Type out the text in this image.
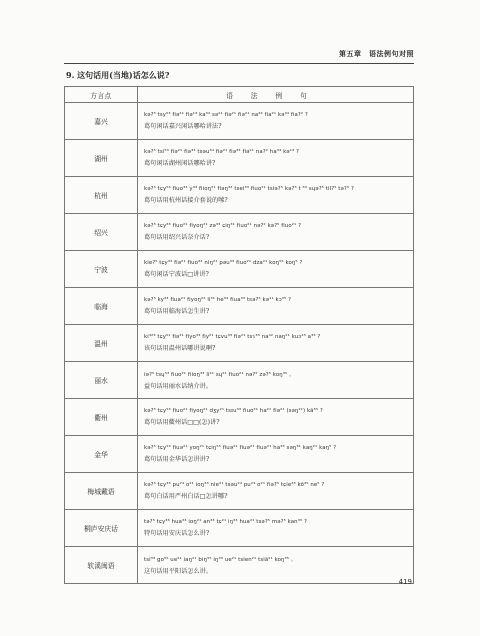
第五章　语法例句对照
9. 这句话用(当地)话怎么说?
方言点	语法例句
嘉兴	kə?⁵ tsy⁵³ fiə²¹ fiə¹³ ka³⁴ sə²¹ fiə²¹ fiə²¹ na³⁴ fia²¹ kə³⁴ fia?² ?
葛句闲话嘉兴闲话哪哈讲法?

湖州	kə?⁵ tsi⁵³ fiə²¹ fiə³⁴ tsəu³⁴ fiə²¹ fiə³⁴ fiə²¹ na?² ha³⁴ kə¹³ ?
葛句闲话湖州闲话哪哈讲?

杭州	kə?⁵ tɕy⁵³ fiuo³⁴ y³³ fiioŋ²¹ fiəŋ³³ tsei³³ fiuo²¹ tsiə?⁵ kə?⁵ t ³³ sɥə?⁵ tiI?⁵ tə?⁵ ?
葛句话用杭州话接介套说的嗦?

绍兴	kə?⁵ tɕy³³ fiuo²¹ fiyoŋ²¹ zə³³ ɕiŋ³¹ fiuo²¹ nə?² kə?⁵ fiuo²¹ ?
葛句话用绍兴话奈介话?

宁波	kie?⁵ tɕy³³ fiə²¹ fiuo³³ niŋ²¹ pəu³³ fiuo²¹ dza²¹ koŋ⁵⁵ koŋ⁵ ?
葛句闲话宁波话□讲讲?

临海	kə?⁵ ky³³ fiua²¹ fiyoŋ²² li³¹ he³⁴ fiua³³ tsə?⁵ kə¹¹ kɔ³⁵ ?
葛句话用临海话怎生讲?

温州	ki⁴²³ tɕy⁵¹ fiə²¹ fiyo³³ fiy²¹ tɕvu³³ fiə²¹ tsɿ³³ na⁴² naŋ²¹ kuɔ⁴⁵ a³³ ?
该句话用温州话哪讲说啊?

丽水	iə?⁵ tsɥ⁵³ fiuo²¹ fiioŋ³³ li²¹ sɥ²¹ fiuo²¹ nə?² zə?⁵ koŋ³⁵ 。
益句话用丽水话纳介讲。

衢州	kə?⁵ tɕy⁵³ fiuo²¹ fiyoŋ²¹ dʒy²¹ tsɪu³³ fiuo²¹ ha²¹ fiə²¹ (səŋ²¹) kã³⁵ ?
葛句话用衢州话□□(怎)讲?

金华	kə?⁵ tɕy⁵³ fiuə²¹ yoŋ²¹ tɕiŋ⁵⁵ fiuə²¹ fiuə²¹ fiuə²¹ ha³³ səŋ³¹ kaŋ²¹ kaŋ⁵ ?
葛句话用金华话怎讲讲?

梅城戴语	kə?⁵ tɕy³³ pu²⁴ o²¹ ioŋ³³ nie²¹ tsəu²⁴ pu²⁴ o²¹ fiə?⁵ tɕie³³ kõ³⁵ ne⁵ ?
葛句白话用严州白话□怎讲哪?

桐庐安庆话	tə?⁵ tɕy³³ hua³³ ioŋ²¹ an³³ tɕ²¹ iŋ³³ hua²¹ tsə?⁵ mə?⁵ kan³⁵ ?
特句话用安庆话怎么讲?

软溪闽语	tsi³³ go⁵⁵ ue²¹ iaŋ²¹ biŋ⁵⁵ iŋ³³ ue²¹ tsien²¹ tsiã²¹ koŋ³⁵ 。
这句话用平阳话怎么讲。
419
